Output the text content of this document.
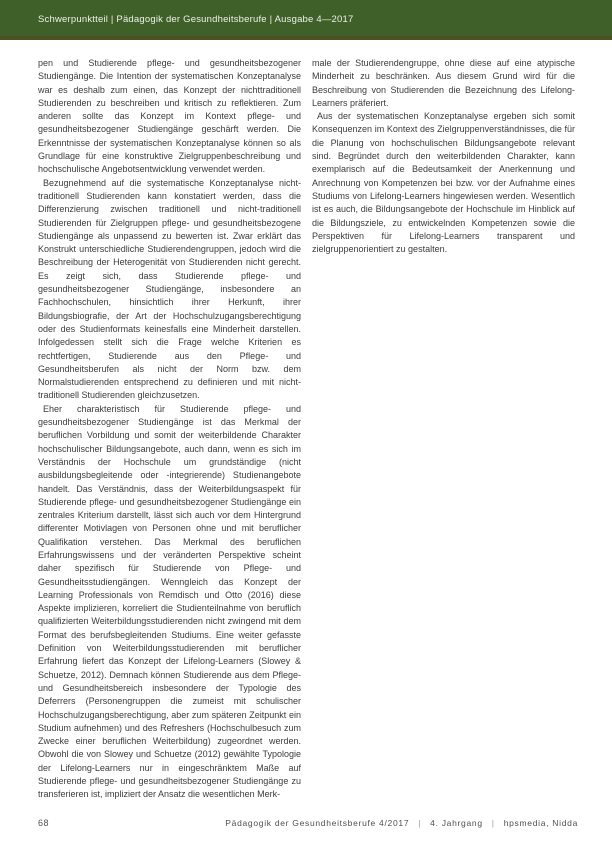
Schwerpunktteil | Pädagogik der Gesundheitsberufe | Ausgabe 4—2017

pen und Studierende pflege- und gesundheitsbezogener Studiengänge. Die Intention der systematischen Konzeptanalyse war es deshalb zum einen, das Konzept der nichttraditionell Studierenden zu beschreiben und kritisch zu reflektieren. Zum anderen sollte das Konzept im Kontext pflege- und gesundheitsbezogener Studiengänge geschärft werden. Die Erkenntnisse der systematischen Konzeptanalyse können so als Grundlage für eine konstruktive Zielgruppenbeschreibung und hochschulische Angebotsentwicklung verwendet werden.

Bezugnehmend auf die systematische Konzeptanalyse nicht-traditionell Studierenden kann konstatiert werden, dass die Differenzierung zwischen traditionell und nicht-traditionell Studierenden für Zielgruppen pflege- und gesundheitsbezogene Studiengänge als unpassend zu bewerten ist. Zwar erklärt das Konstrukt unterschiedliche Studierendengruppen, jedoch wird die Beschreibung der Heterogenität von Studierenden nicht gerecht. Es zeigt sich, dass Studierende pflege- und gesundheitsbezogener Studiengänge, insbesondere an Fachhochschulen, hinsichtlich ihrer Herkunft, ihrer Bildungsbiografie, der Art der Hochschulzugangsberechtigung oder des Studienformats keinesfalls eine Minderheit darstellen. Infolgedessen stellt sich die Frage welche Kriterien es rechtfertigen, Studierende aus den Pflege- und Gesundheitsberufen als nicht der Norm bzw. dem Normalstudierenden entsprechend zu definieren und mit nicht-traditionell Studierenden gleichzusetzen.

Eher charakteristisch für Studierende pflege- und gesundheitsbezogener Studiengänge ist das Merkmal der beruflichen Vorbildung und somit der weiterbildende Charakter hochschulischer Bildungsangebote, auch dann, wenn es sich im Verständnis der Hochschule um grundständige (nicht ausbildungsbegleitende oder -integrierende) Studienangebote handelt. Das Verständnis, dass der Weiterbildungsaspekt für Studierende pflege- und gesundheitsbezogener Studiengänge ein zentrales Kriterium darstellt, lässt sich auch vor dem Hintergrund differenter Motivlagen von Personen ohne und mit beruflicher Qualifikation verstehen. Das Merkmal des beruflichen Erfahrungswissens und der veränderten Perspektive scheint daher spezifisch für Studierende von Pflege- und Gesundheitsstudiengängen. Wenngleich das Konzept der Learning Professionals von Remdisch und Otto (2016) diese Aspekte implizieren, korreliert die Studienteilnahme von beruflich qualifizierten Weiterbildungsstudierenden nicht zwingend mit dem Format des berufsbegleitenden Studiums. Eine weiter gefasste Definition von Weiterbildungsstudierenden mit beruflicher Erfahrung liefert das Konzept der Lifelong-Learners (Slowey & Schuetze, 2012). Demnach können Studierende aus dem Pflege- und Gesundheitsbereich insbesondere der Typologie des Deferrers (Personengruppen die zumeist mit schulischer Hochschulzugangsberechtigung, aber zum späteren Zeitpunkt ein Studium aufnehmen) und des Refreshers (Hochschulbesuch zum Zwecke einer beruflichen Weiterbildung) zugeordnet werden. Obwohl die von Slowey und Schuetze (2012) gewählte Typologie der Lifelong-Learners nur in eingeschränktem Maße auf Studierende pflege- und gesundheitsbezogener Studiengänge zu transferieren ist, impliziert der Ansatz die wesentlichen Merk-

male der Studierendengruppe, ohne diese auf eine atypische Minderheit zu beschränken. Aus diesem Grund wird für die Beschreibung von Studierenden die Bezeichnung des Lifelong-Learners präferiert.

Aus der systematischen Konzeptanalyse ergeben sich somit Konsequenzen im Kontext des Zielgruppenverständnisses, die für die Planung von hochschulischen Bildungsangebote relevant sind. Begründet durch den weiterbildenden Charakter, kann exemplarisch auf die Bedeutsamkeit der Anerkennung und Anrechnung von Kompetenzen bei bzw. vor der Aufnahme eines Studiums von Lifelong-Learners hingewiesen werden. Wesentlich ist es auch, die Bildungsangebote der Hochschule im Hinblick auf die Bildungsziele, zu entwickelnden Kompetenzen sowie die Perspektiven für Lifelong-Learners transparent und zielgruppenorientiert zu gestalten.

68	Pädagogik der Gesundheitsberufe 4/2017 | 4. Jahrgang | hpsmedia, Nidda
